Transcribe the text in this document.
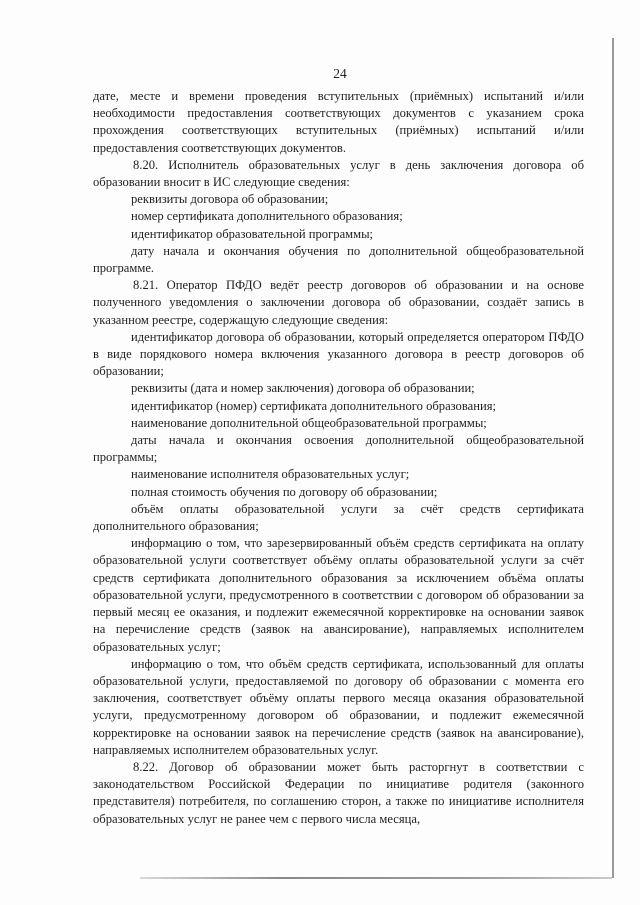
24

дате, месте и времени проведения вступительных (приёмных) испытаний и/или необходимости предоставления соответствующих документов с указанием срока прохождения соответствующих вступительных (приёмных) испытаний и/или предоставления соответствующих документов.

8.20. Исполнитель образовательных услуг в день заключения договора об образовании вносит в ИС следующие сведения:

реквизиты договора об образовании;

номер сертификата дополнительного образования;

идентификатор образовательной программы;

дату начала и окончания обучения по дополнительной общеобразовательной программе.

8.21. Оператор ПФДО ведёт реестр договоров об образовании и на основе полученного уведомления о заключении договора об образовании, создаёт запись в указанном реестре, содержащую следующие сведения:

идентификатор договора об образовании, который определяется оператором ПФДО в виде порядкового номера включения указанного договора в реестр договоров об образовании;

реквизиты (дата и номер заключения) договора об образовании;

идентификатор (номер) сертификата дополнительного образования;

наименование дополнительной общеобразовательной программы;

даты начала и окончания освоения дополнительной общеобразовательной программы;

наименование исполнителя образовательных услуг;

полная стоимость обучения по договору об образовании;

объём оплаты образовательной услуги за счёт средств сертификата дополнительного образования;

информацию о том, что зарезервированный объём средств сертификата на оплату образовательной услуги соответствует объёму оплаты образовательной услуги за счёт средств сертификата дополнительного образования за исключением объёма оплаты образовательной услуги, предусмотренного в соответствии с договором об образовании за первый месяц ее оказания, и подлежит ежемесячной корректировке на основании заявок на перечисление средств (заявок на авансирование), направляемых исполнителем образовательных услуг;

информацию о том, что объём средств сертификата, использованный для оплаты образовательной услуги, предоставляемой по договору об образовании с момента его заключения, соответствует объёму оплаты первого месяца оказания образовательной услуги, предусмотренному договором об образовании, и подлежит ежемесячной корректировке на основании заявок на перечисление средств (заявок на авансирование), направляемых исполнителем образовательных услуг.

8.22. Договор об образовании может быть расторгнут в соответствии с законодательством Российской Федерации по инициативе родителя (законного представителя) потребителя, по соглашению сторон, а также по инициативе исполнителя образовательных услуг не ранее чем с первого числа месяца,
